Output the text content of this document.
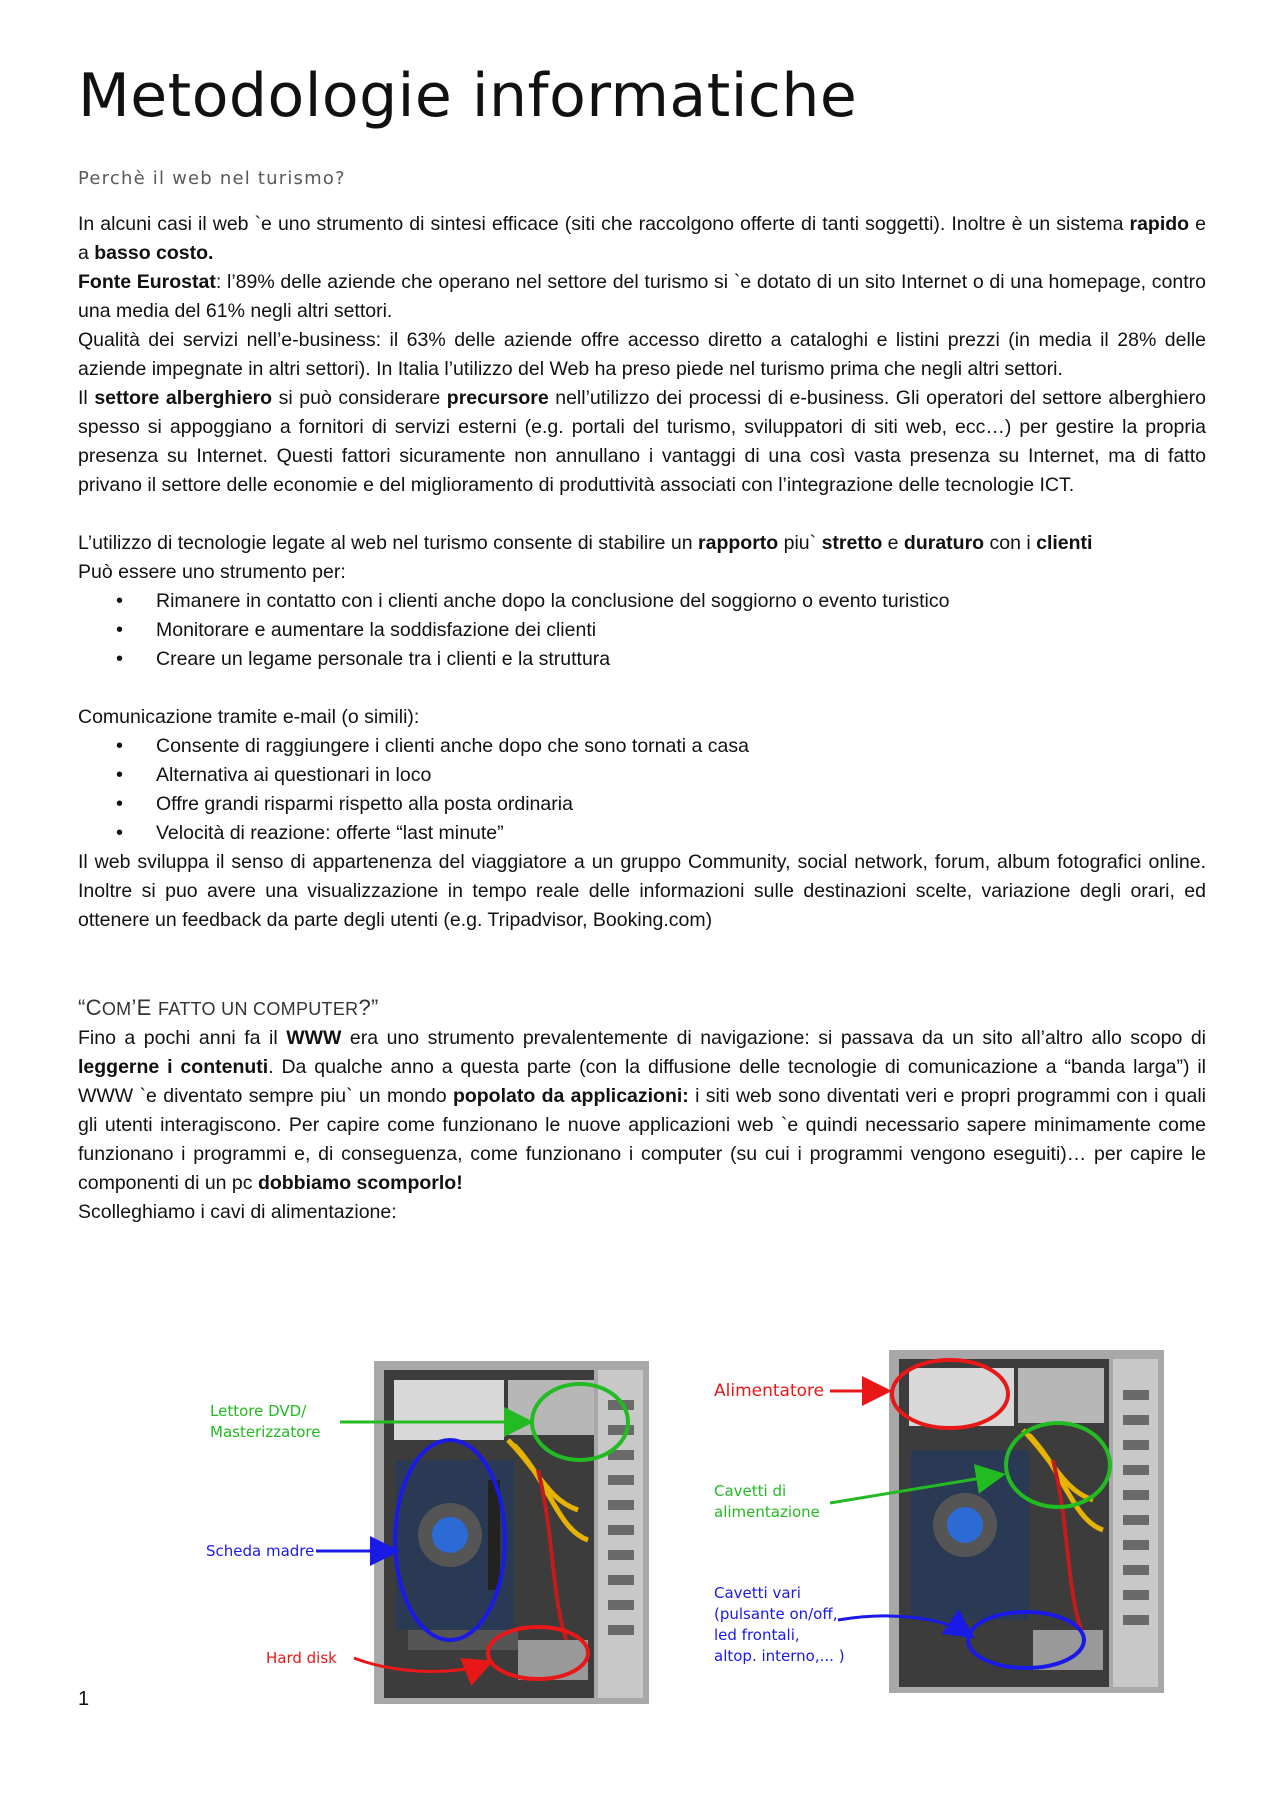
Metodologie informatiche
Perchè il web nel turismo?

In alcuni casi il web `e uno strumento di sintesi efficace (siti che raccolgono offerte di tanti soggetti). Inoltre è un sistema rapido e a basso costo.

Fonte Eurostat: l’89% delle aziende che operano nel settore del turismo si `e dotato di un sito Internet o di una homepage, contro una media del 61% negli altri settori.

Qualità dei servizi nell’e-business: il 63% delle aziende offre accesso diretto a cataloghi e listini prezzi (in media il 28% delle aziende impegnate in altri settori). In Italia l’utilizzo del Web ha preso piede nel turismo prima che negli altri settori.

Il settore alberghiero si può considerare precursore nell’utilizzo dei processi di e-business. Gli operatori del settore alberghiero spesso si appoggiano a fornitori di servizi esterni (e.g. portali del turismo, sviluppatori di siti web, ecc…) per gestire la propria presenza su Internet. Questi fattori sicuramente non annullano i vantaggi di una così vasta presenza su Internet, ma di fatto privano il settore delle economie e del miglioramento di produttività associati con l’integrazione delle tecnologie ICT.

L’utilizzo di tecnologie legate al web nel turismo consente di stabilire un rapporto piu` stretto e duraturo con i clienti

Può essere uno strumento per:

• Rimanere in contatto con i clienti anche dopo la conclusione del soggiorno o evento turistico
• Monitorare e aumentare la soddisfazione dei clienti
• Creare un legame personale tra i clienti e la struttura

Comunicazione tramite e-mail (o simili):

• Consente di raggiungere i clienti anche dopo che sono tornati a casa
• Alternativa ai questionari in loco
• Offre grandi risparmi rispetto alla posta ordinaria
• Velocità di reazione: offerte “last minute”

Il web sviluppa il senso di appartenenza del viaggiatore a un gruppo Community, social network, forum, album fotografici online. Inoltre si puo avere una visualizzazione in tempo reale delle informazioni sulle destinazioni scelte, variazione degli orari, ed ottenere un feedback da parte degli utenti (e.g. Tripadvisor, Booking.com)

“COM’E FATTO UN COMPUTER?”

Fino a pochi anni fa il WWW era uno strumento prevalentemente di navigazione: si passava da un sito all’altro allo scopo di leggerne i contenuti. Da qualche anno a questa parte (con la diffusione delle tecnologie di comunicazione a “banda larga”) il WWW `e diventato sempre piu` un mondo popolato da applicazioni: i siti web sono diventati veri e propri programmi con i quali gli utenti interagiscono. Per capire come funzionano le nuove applicazioni web `e quindi necessario sapere minimamente come funzionano i programmi e, di conseguenza, come funzionano i computer (su cui i programmi vengono eseguiti)… per capire le componenti di un pc dobbiamo scomporlo!

Scolleghiamo i cavi di alimentazione:

Lettore DVD/
Masterizzatore
Scheda madre
Hard disk
Alimentatore
Cavetti di
alimentazione
Cavetti vari
(pulsante on/off,
led frontali,
altop. interno,... )
1
